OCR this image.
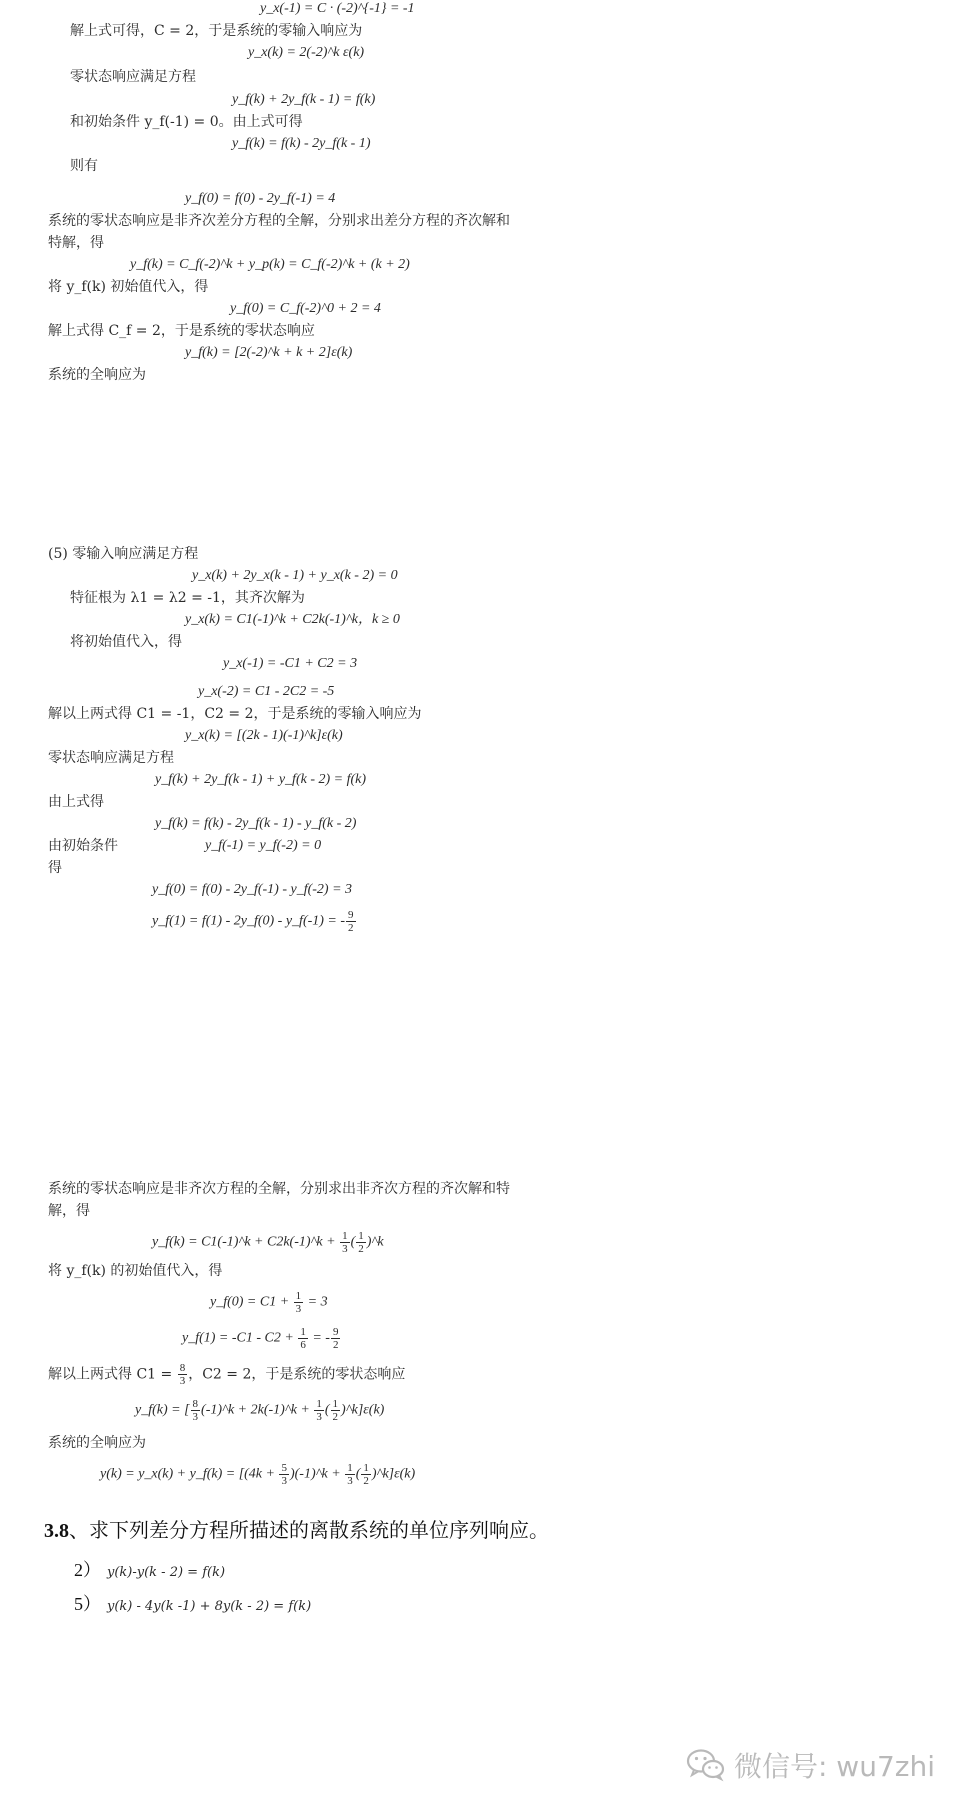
y_x(-1) = C · (-2)^{-1} = -1
解上式可得，C = 2，于是系统的零输入响应为
y_x(k) = 2(-2)^k ε(k)
零状态响应满足方程
y_f(k) + 2y_f(k - 1) = f(k)
和初始条件 y_f(-1) = 0。由上式可得
y_f(k) = f(k) - 2y_f(k - 1)
则有
y_f(0) = f(0) - 2y_f(-1) = 4
系统的零状态响应是非齐次差分方程的全解，分别求出差分方程的齐次解和
特解，得
y_f(k) = C_f(-2)^k + y_p(k) = C_f(-2)^k + (k + 2)
将 y_f(k) 初始值代入，得
y_f(0) = C_f(-2)^0 + 2 = 4
解上式得 C_f = 2，于是系统的零状态响应
y_f(k) = [2(-2)^k + k + 2]ε(k)
系统的全响应为
(5) 零输入响应满足方程
y_x(k) + 2y_x(k - 1) + y_x(k - 2) = 0
特征根为 λ1 = λ2 = -1，其齐次解为
y_x(k) = C1(-1)^k + C2k(-1)^k，k ≥ 0
将初始值代入，得
y_x(-1) = -C1 + C2 = 3
y_x(-2) = C1 - 2C2 = -5
解以上两式得 C1 = -1，C2 = 2，于是系统的零输入响应为
y_x(k) = [(2k - 1)(-1)^k]ε(k)
零状态响应满足方程
y_f(k) + 2y_f(k - 1) + y_f(k - 2) = f(k)
由上式得
y_f(k) = f(k) - 2y_f(k - 1) - y_f(k - 2)
由初始条件	y_f(-1) = y_f(-2) = 0
得
y_f(0) = f(0) - 2y_f(-1) - y_f(-2) = 3
y_f(1) = f(1) - 2y_f(0) - y_f(-1) = - $\frac{9}{2}$
系统的零状态响应是非齐次方程的全解，分别求出非齐次方程的齐次解和特
解，得
y_f(k) = C1(-1)^k + C2k(-1)^k + $\frac{1}{3}$ ( $\frac{1}{2}$ )^k
将 y_f(k) 的初始值代入，得
y_f(0) = $C1 + \frac{1}{3} = 3$
y_f(1) = $-C1 - C2 + \frac{1}{6}$ = - $\frac{9}{2}$
解以上两式得 $C1 = \frac{8}{3}$ ，C2 = 2，于是系统的零状态响应
y_f(k) = [ $\frac{8}{3}$ (-1)^k + 2k(-1)^k + $\frac{1}{3}$ ( $\frac{1}{2}$ )^k]ε(k)
系统的全响应为
y(k) = y_x(k) + y_f(k) = [($4k + \frac{5}{3}$ )(-1)^k + $\frac{1}{3}$ ( $\frac{1}{2}$ )^k]ε(k)
3.8、求下列差分方程所描述的离散系统的单位序列响应。
2） y(k)-y(k - 2) = f(k)
5） y(k) - 4y(k -1) + 8y(k - 2) = f(k)
微信号: wu7zhi
